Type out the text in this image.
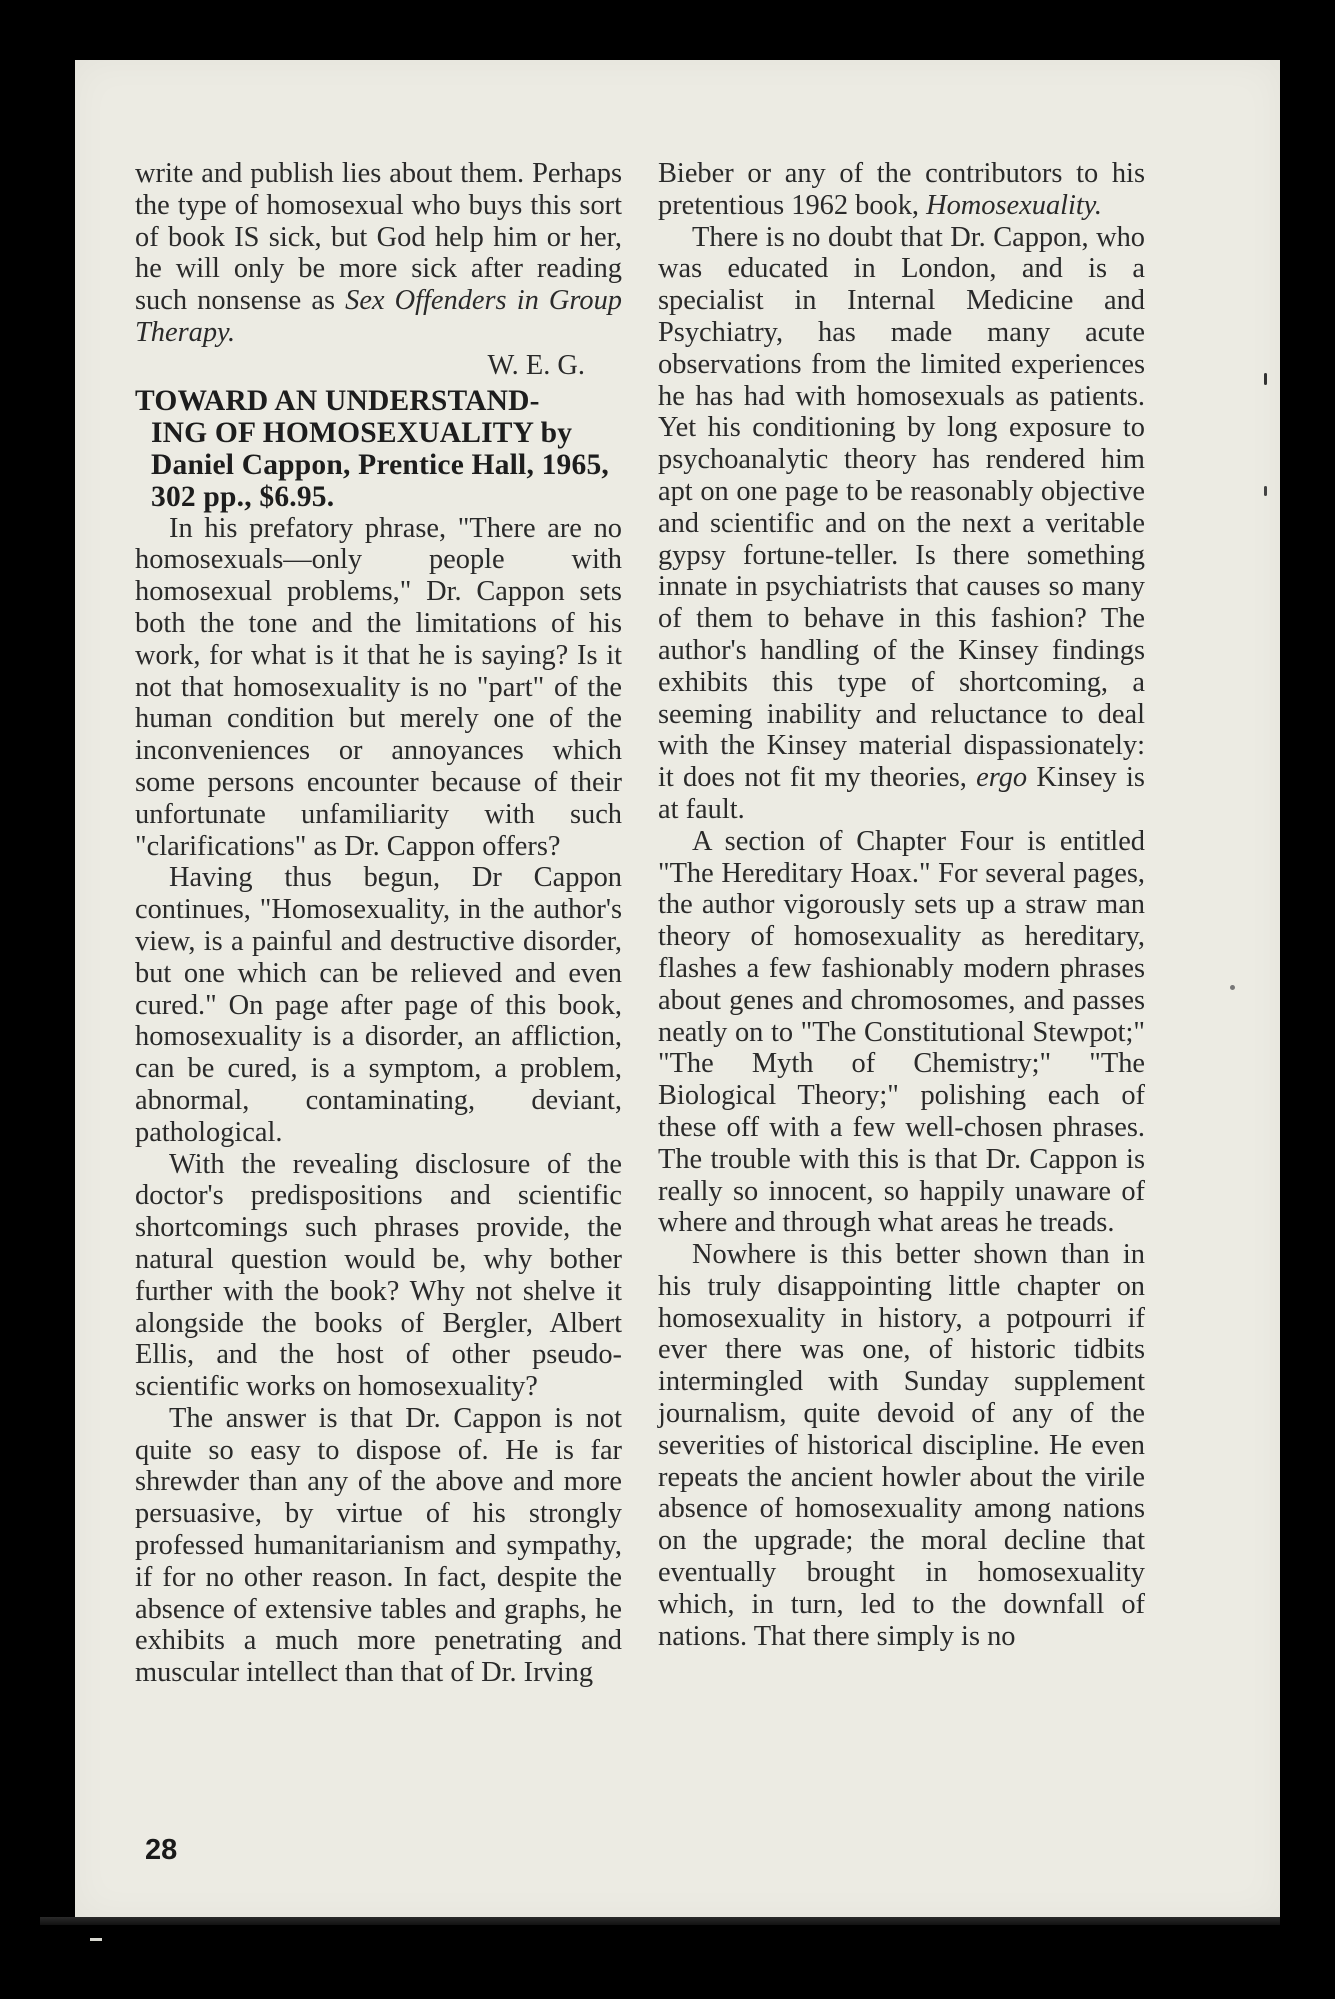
write and publish lies about them. Perhaps the type of homosexual who buys this sort of book IS sick, but God help him or her, he will only be more sick after reading such nonsense as Sex Offenders in Group Therapy.

W. E. G.

TOWARD AN UNDERSTAND-
ING OF HOMOSEXUALITY by Daniel Cappon, Prentice Hall, 1965, 302 pp., $6.95.

In his prefatory phrase, "There are no homosexuals—only people with homosexual problems," Dr. Cappon sets both the tone and the limitations of his work, for what is it that he is saying? Is it not that homosexuality is no "part" of the human condition but merely one of the inconveniences or annoyances which some persons encounter because of their unfortunate unfamiliarity with such "clarifications" as Dr. Cappon offers?

Having thus begun, Dr Cappon continues, "Homosexuality, in the author's view, is a painful and destructive disorder, but one which can be relieved and even cured." On page after page of this book, homosexuality is a disorder, an affliction, can be cured, is a symptom, a problem, abnormal, contaminating, deviant, pathological.

With the revealing disclosure of the doctor's predispositions and scientific shortcomings such phrases provide, the natural question would be, why bother further with the book? Why not shelve it alongside the books of Bergler, Albert Ellis, and the host of other pseudo-scientific works on homosexuality?

The answer is that Dr. Cappon is not quite so easy to dispose of. He is far shrewder than any of the above and more persuasive, by virtue of his strongly professed humanitarianism and sympathy, if for no other reason. In fact, despite the absence of extensive tables and graphs, he exhibits a much more penetrating and muscular intellect than that of Dr. Irving

Bieber or any of the contributors to his pretentious 1962 book, Homosexuality.

There is no doubt that Dr. Cappon, who was educated in London, and is a specialist in Internal Medicine and Psychiatry, has made many acute observations from the limited experiences he has had with homosexuals as patients. Yet his conditioning by long exposure to psychoanalytic theory has rendered him apt on one page to be reasonably objective and scientific and on the next a veritable gypsy fortune-teller. Is there something innate in psychiatrists that causes so many of them to behave in this fashion? The author's handling of the Kinsey findings exhibits this type of shortcoming, a seeming inability and reluctance to deal with the Kinsey material dispassionately: it does not fit my theories, ergo Kinsey is at fault.

A section of Chapter Four is entitled "The Hereditary Hoax." For several pages, the author vigorously sets up a straw man theory of homosexuality as hereditary, flashes a few fashionably modern phrases about genes and chromosomes, and passes neatly on to "The Constitutional Stewpot;" "The Myth of Chemistry;" "The Biological Theory;" polishing each of these off with a few well-chosen phrases. The trouble with this is that Dr. Cappon is really so innocent, so happily unaware of where and through what areas he treads.

Nowhere is this better shown than in his truly disappointing little chapter on homosexuality in history, a potpourri if ever there was one, of historic tidbits intermingled with Sunday supplement journalism, quite devoid of any of the severities of historical discipline. He even repeats the ancient howler about the virile absence of homosexuality among nations on the upgrade; the moral decline that eventually brought in homosexuality which, in turn, led to the downfall of nations. That there simply is no

28
